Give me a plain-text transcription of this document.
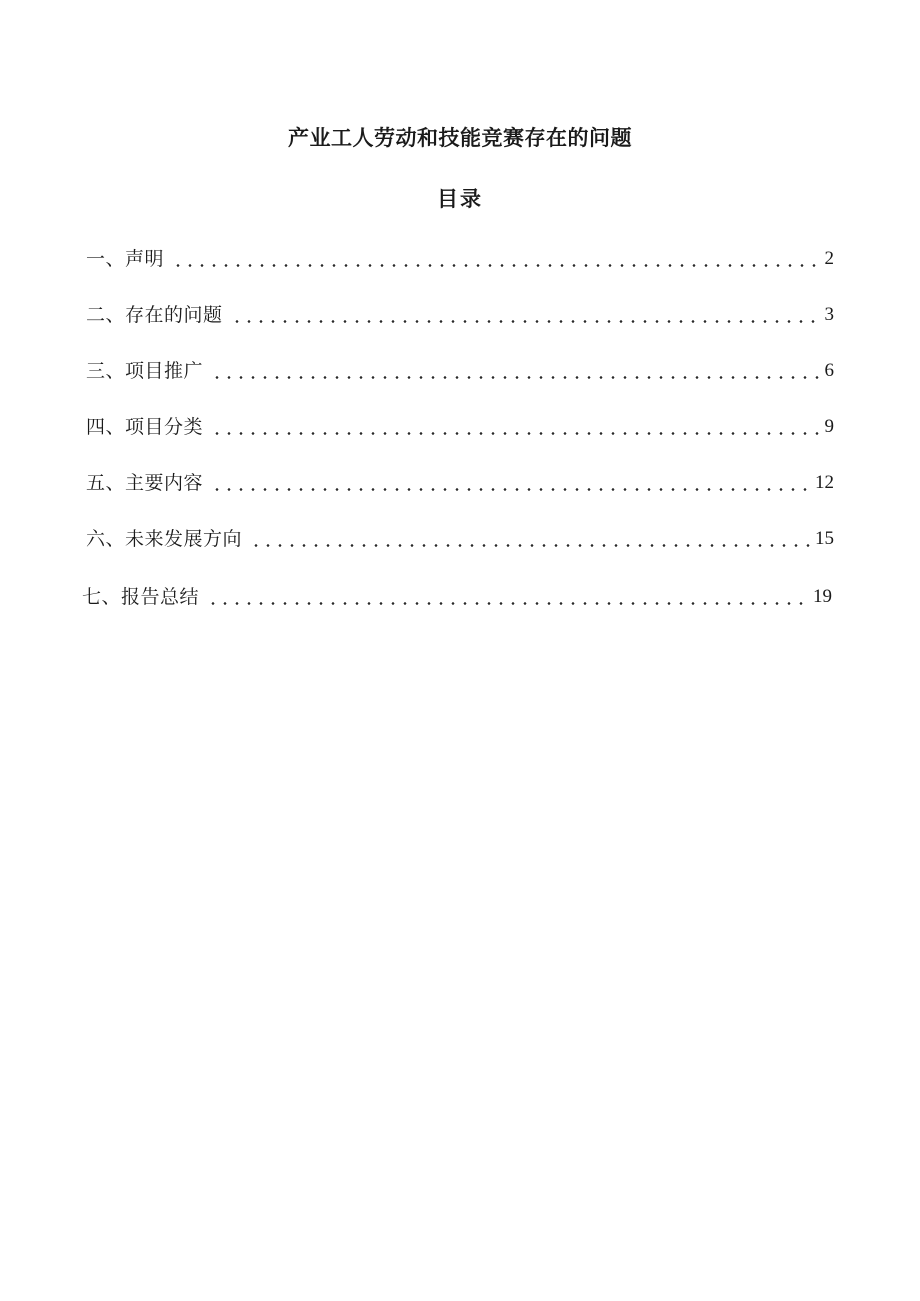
产业工人劳动和技能竞赛存在的问题
目录
一、声明	2
二、存在的问题	3
三、项目推广	6
四、项目分类	9
五、主要内容	12
六、未来发展方向	15
七、报告总结	19
